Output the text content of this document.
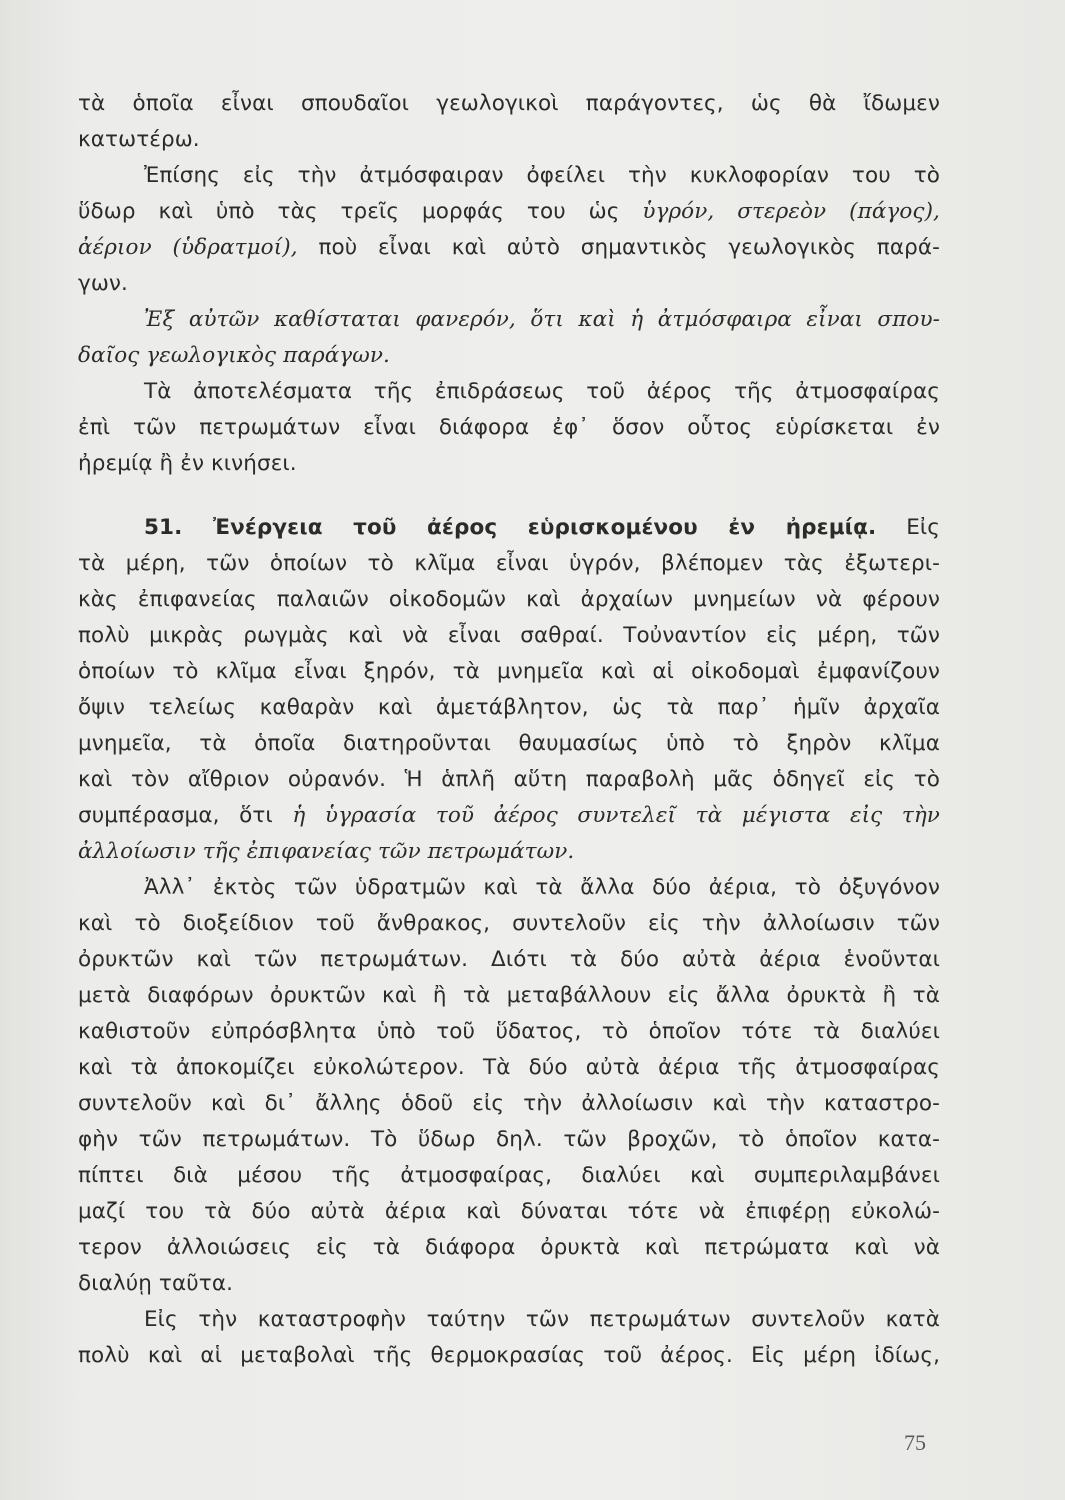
τὰ ὁποῖα εἶναι σπουδαῖοι γεωλογικοὶ παράγοντες, ὡς θὰ ἴδωμεν
κατωτέρω.
Ἐπίσης εἰς τὴν ἀτμόσφαιραν ὀφείλει τὴν κυκλοφορίαν του τὸ
ὕδωρ καὶ ὑπὸ τὰς τρεῖς μορφάς του ὡς ὑγρόν, στερεὸν (πάγος),
ἀέριον (ὑδρατμοί), ποὺ εἶναι καὶ αὐτὸ σημαντικὸς γεωλογικὸς παρά-
γων.
Ἐξ αὐτῶν καθίσταται φανερόν, ὅτι καὶ ἡ ἀτμόσφαιρα εἶναι σπου-
δαῖος γεωλογικὸς παράγων.
Τὰ ἀποτελέσματα τῆς ἐπιδράσεως τοῦ ἀέρος τῆς ἀτμοσφαίρας
ἐπὶ τῶν πετρωμάτων εἶναι διάφορα ἐφ᾽ ὅσον οὗτος εὑρίσκεται ἐν
ἠρεμίᾳ ἢ ἐν κινήσει.
51. Ἐνέργεια τοῦ ἀέρος εὑρισκομένου ἐν ἠρεμίᾳ. Εἰς
τὰ μέρη, τῶν ὁποίων τὸ κλῖμα εἶναι ὑγρόν, βλέπομεν τὰς ἐξωτερι-
κὰς ἐπιφανείας παλαιῶν οἰκοδομῶν καὶ ἀρχαίων μνημείων νὰ φέρουν
πολὺ μικρὰς ρωγμὰς καὶ νὰ εἶναι σαθραί. Τοὐναντίον εἰς μέρη, τῶν
ὁποίων τὸ κλῖμα εἶναι ξηρόν, τὰ μνημεῖα καὶ αἱ οἰκοδομαὶ ἐμφανίζουν
ὄψιν τελείως καθαρὰν καὶ ἀμετάβλητον, ὡς τὰ παρ᾽ ἡμῖν ἀρχαῖα
μνημεῖα, τὰ ὁποῖα διατηροῦνται θαυμασίως ὑπὸ τὸ ξηρὸν κλῖμα
καὶ τὸν αἴθριον οὐρανόν. Ἡ ἁπλῆ αὕτη παραβολὴ μᾶς ὁδηγεῖ εἰς τὸ
συμπέρασμα, ὅτι ἡ ὑγρασία τοῦ ἀέρος συντελεῖ τὰ μέγιστα εἰς τὴν
ἀλλοίωσιν τῆς ἐπιφανείας τῶν πετρωμάτων.
Ἀλλ᾽ ἐκτὸς τῶν ὑδρατμῶν καὶ τὰ ἄλλα δύο ἀέρια, τὸ ὀξυγόνον
καὶ τὸ διοξείδιον τοῦ ἄνθρακος, συντελοῦν εἰς τὴν ἀλλοίωσιν τῶν
ὀρυκτῶν καὶ τῶν πετρωμάτων. Διότι τὰ δύο αὐτὰ ἀέρια ἑνοῦνται
μετὰ διαφόρων ὀρυκτῶν καὶ ἢ τὰ μεταβάλλουν εἰς ἄλλα ὀρυκτὰ ἢ τὰ
καθιστοῦν εὐπρόσβλητα ὑπὸ τοῦ ὕδατος, τὸ ὁποῖον τότε τὰ διαλύει
καὶ τὰ ἀποκομίζει εὐκολώτερον. Τὰ δύο αὐτὰ ἀέρια τῆς ἀτμοσφαίρας
συντελοῦν καὶ δι᾽ ἄλλης ὁδοῦ εἰς τὴν ἀλλοίωσιν καὶ τὴν καταστρο-
φὴν τῶν πετρωμάτων. Τὸ ὕδωρ δηλ. τῶν βροχῶν, τὸ ὁποῖον κατα-
πίπτει διὰ μέσου τῆς ἀτμοσφαίρας, διαλύει καὶ συμπεριλαμβάνει
μαζί του τὰ δύο αὐτὰ ἀέρια καὶ δύναται τότε νὰ ἐπιφέρῃ εὐκολώ-
τερον ἀλλοιώσεις εἰς τὰ διάφορα ὀρυκτὰ καὶ πετρώματα καὶ νὰ
διαλύῃ ταῦτα.
Εἰς τὴν καταστροφὴν ταύτην τῶν πετρωμάτων συντελοῦν κατὰ
πολὺ καὶ αἱ μεταβολαὶ τῆς θερμοκρασίας τοῦ ἀέρος. Εἰς μέρη ἰδίως,
75
